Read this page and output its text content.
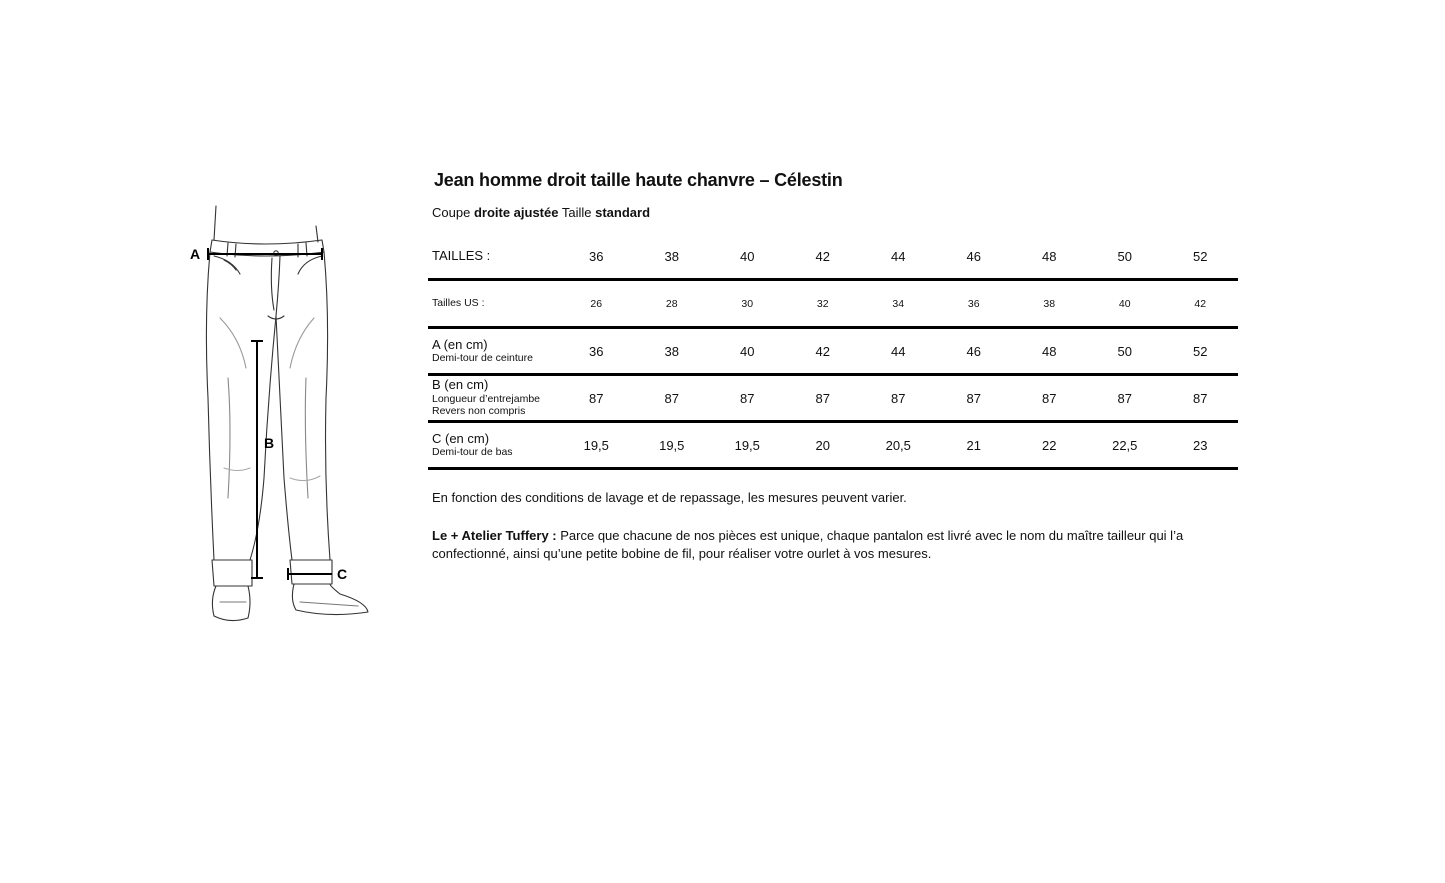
A
B
C
Jean homme droit taille haute chanvre – Célestin
Coupe droite ajustée Taille standard
TAILLES :	36	38	40	42	44	46	48	50	52
Tailles US :	26	28	30	32	34	36	38	40	42
A (en cm)
Demi-tour de ceinture	36	38	40	42	44	46	48	50	52
B (en cm)
Longueur d’entrejambe
Revers non compris
87	87	87	87	87	87	87	87	87
C (en cm)
Demi-tour de bas	19,5	19,5	19,5	20	20,5	21	22	22,5	23
En fonction des conditions de lavage et de repassage, les mesures peuvent varier.
Le + Atelier Tuffery : Parce que chacune de nos pièces est unique, chaque pantalon est livré avec le nom du maître tailleur qui l’a confectionné, ainsi qu’une petite bobine de fil, pour réaliser votre ourlet à vos mesures.
